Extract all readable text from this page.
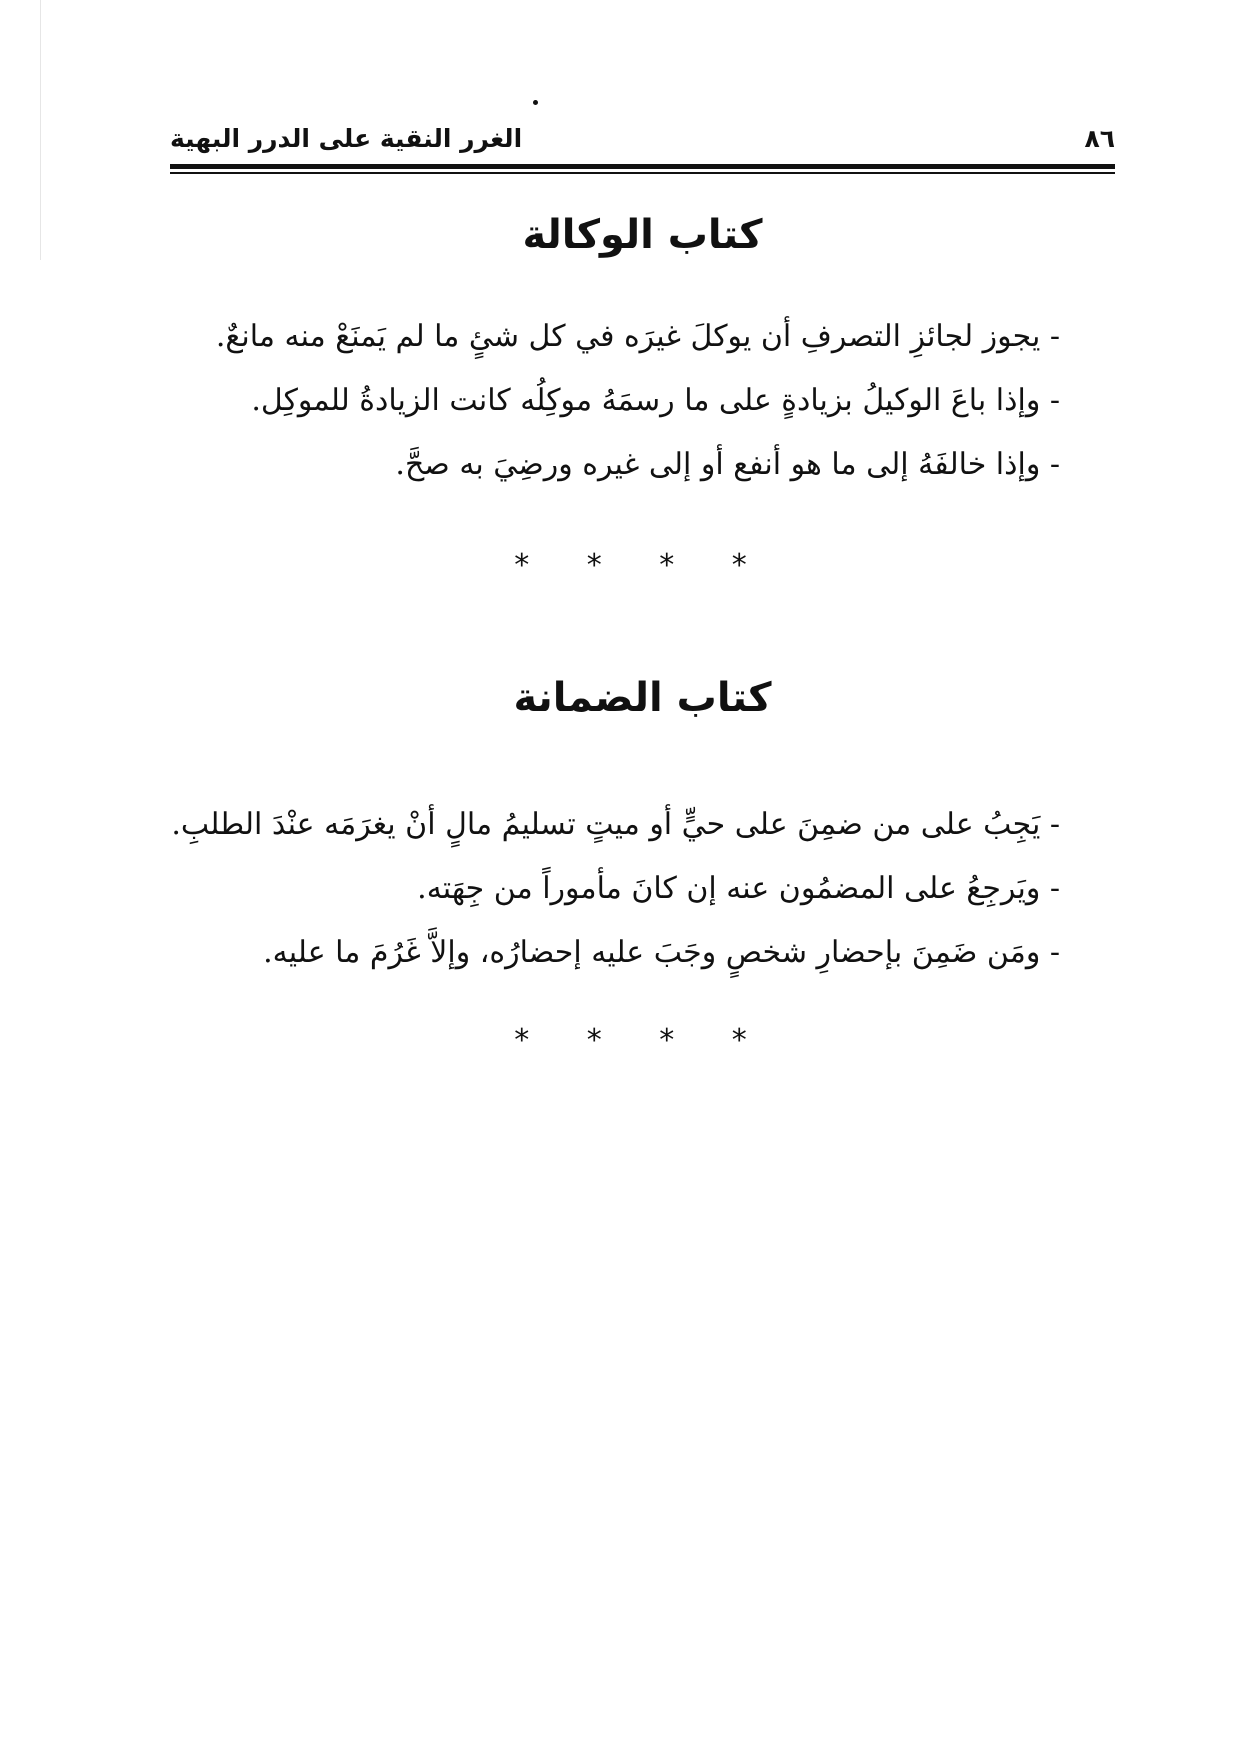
الغرر النقية على الدرر البهية	٨٦
كتاب الوكالة
- يجوز لجائزِ التصرفِ أن يوكلَ غيرَه في كل شئٍ ما لم يَمنَعْ منه مانعٌ.
- وإذا باعَ الوكيلُ بزيادةٍ على ما رسمَهُ موكِلُه كانت الزيادةُ للموكِل.
- وإذا خالفَهُ إلى ما هو أنفع أو إلى غيره ورضِيَ به صحَّ.
* * * *
كتاب الضمانة
- يَجِبُ على من ضمِنَ على حيٍّ أو ميتٍ تسليمُ مالٍ أنْ يغرَمَه عنْدَ الطلبِ.
- ويَرجِعُ على المضمُون عنه إن كانَ مأموراً من جِهَته.
- ومَن ضَمِنَ بإحضارِ شخصٍ وجَبَ عليه إحضارُه، وإلاَّ غَرُمَ ما عليه.
* * * *
